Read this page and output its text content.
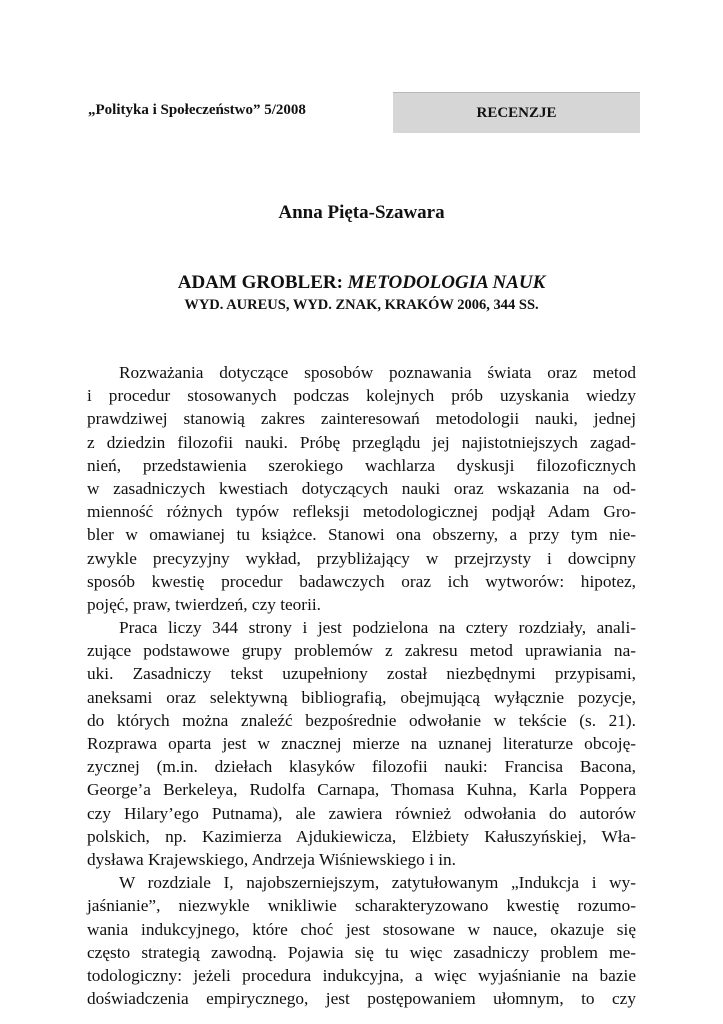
„Polityka i Społeczeństwo” 5/2008	RECENZJE
Anna Pięta-Szawara
ADAM GROBLER: METODOLOGIA NAUK
WYD. AUREUS, WYD. ZNAK, KRAKÓW 2006, 344 SS.
Rozważania dotyczące sposobów poznawania świata oraz metod
i procedur stosowanych podczas kolejnych prób uzyskania wiedzy
prawdziwej stanowią zakres zainteresowań metodologii nauki, jednej
z dziedzin filozofii nauki. Próbę przeglądu jej najistotniejszych zagad-
nień, przedstawienia szerokiego wachlarza dyskusji filozoficznych
w zasadniczych kwestiach dotyczących nauki oraz wskazania na od-
mienność różnych typów refleksji metodologicznej podjął Adam Gro-
bler w omawianej tu książce. Stanowi ona obszerny, a przy tym nie-
zwykle precyzyjny wykład, przybliżający w przejrzysty i dowcipny
sposób kwestię procedur badawczych oraz ich wytworów: hipotez,
pojęć, praw, twierdzeń, czy teorii.
Praca liczy 344 strony i jest podzielona na cztery rozdziały, anali-
zujące podstawowe grupy problemów z zakresu metod uprawiania na-
uki. Zasadniczy tekst uzupełniony został niezbędnymi przypisami,
aneksami oraz selektywną bibliografią, obejmującą wyłącznie pozycje,
do których można znaleźć bezpośrednie odwołanie w tekście (s. 21).
Rozprawa oparta jest w znacznej mierze na uznanej literaturze obcoję-
zycznej (m.in. dziełach klasyków filozofii nauki: Francisa Bacona,
George’a Berkeleya, Rudolfa Carnapa, Thomasa Kuhna, Karla Poppera
czy Hilary’ego Putnama), ale zawiera również odwołania do autorów
polskich, np. Kazimierza Ajdukiewicza, Elżbiety Kałuszyńskiej, Wła-
dysława Krajewskiego, Andrzeja Wiśniewskiego i in.
W rozdziale I, najobszerniejszym, zatytułowanym „Indukcja i wy-
jaśnianie”, niezwykle wnikliwie scharakteryzowano kwestię rozumo-
wania indukcyjnego, które choć jest stosowane w nauce, okazuje się
często strategią zawodną. Pojawia się tu więc zasadniczy problem me-
todologiczny: jeżeli procedura indukcyjna, a więc wyjaśnianie na bazie
doświadczenia empirycznego, jest postępowaniem ułomnym, to czy
